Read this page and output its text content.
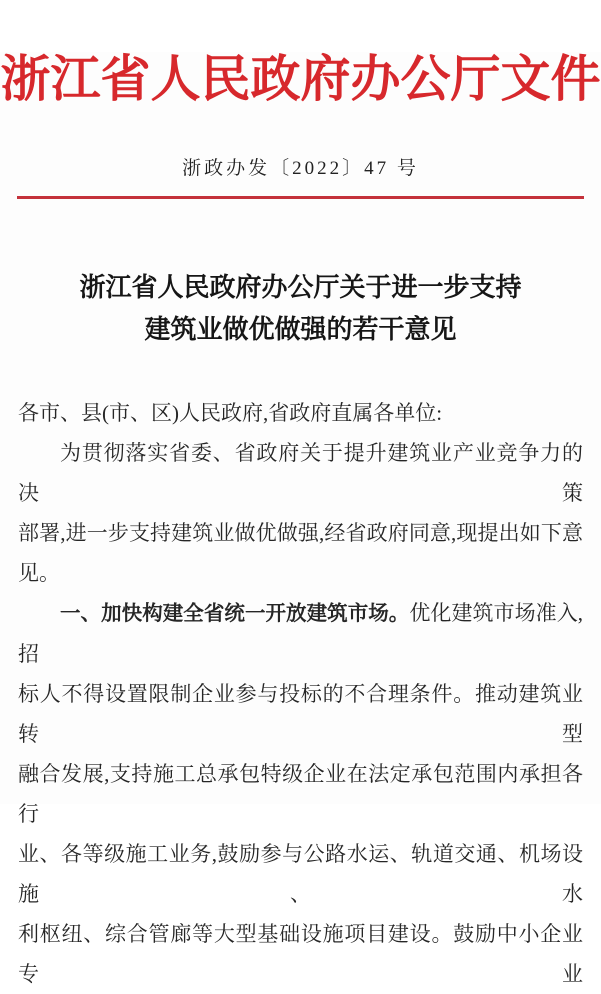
浙江省人民政府办公厅文件
浙政办发〔2022〕47 号
浙江省人民政府办公厅关于进一步支持
建筑业做优做强的若干意见

各市、县(市、区)人民政府,省政府直属各单位:

为贯彻落实省委、省政府关于提升建筑业产业竞争力的决策

部署,进一步支持建筑业做优做强,经省政府同意,现提出如下意

见。

一、加快构建全省统一开放建筑市场。优化建筑市场准入,招

标人不得设置限制企业参与投标的不合理条件。推动建筑业转型

融合发展,支持施工总承包特级企业在法定承包范围内承担各行

业、各等级施工业务,鼓励参与公路水运、轨道交通、机场设施、水

利枢纽、综合管廊等大型基础设施项目建设。鼓励中小企业专业
